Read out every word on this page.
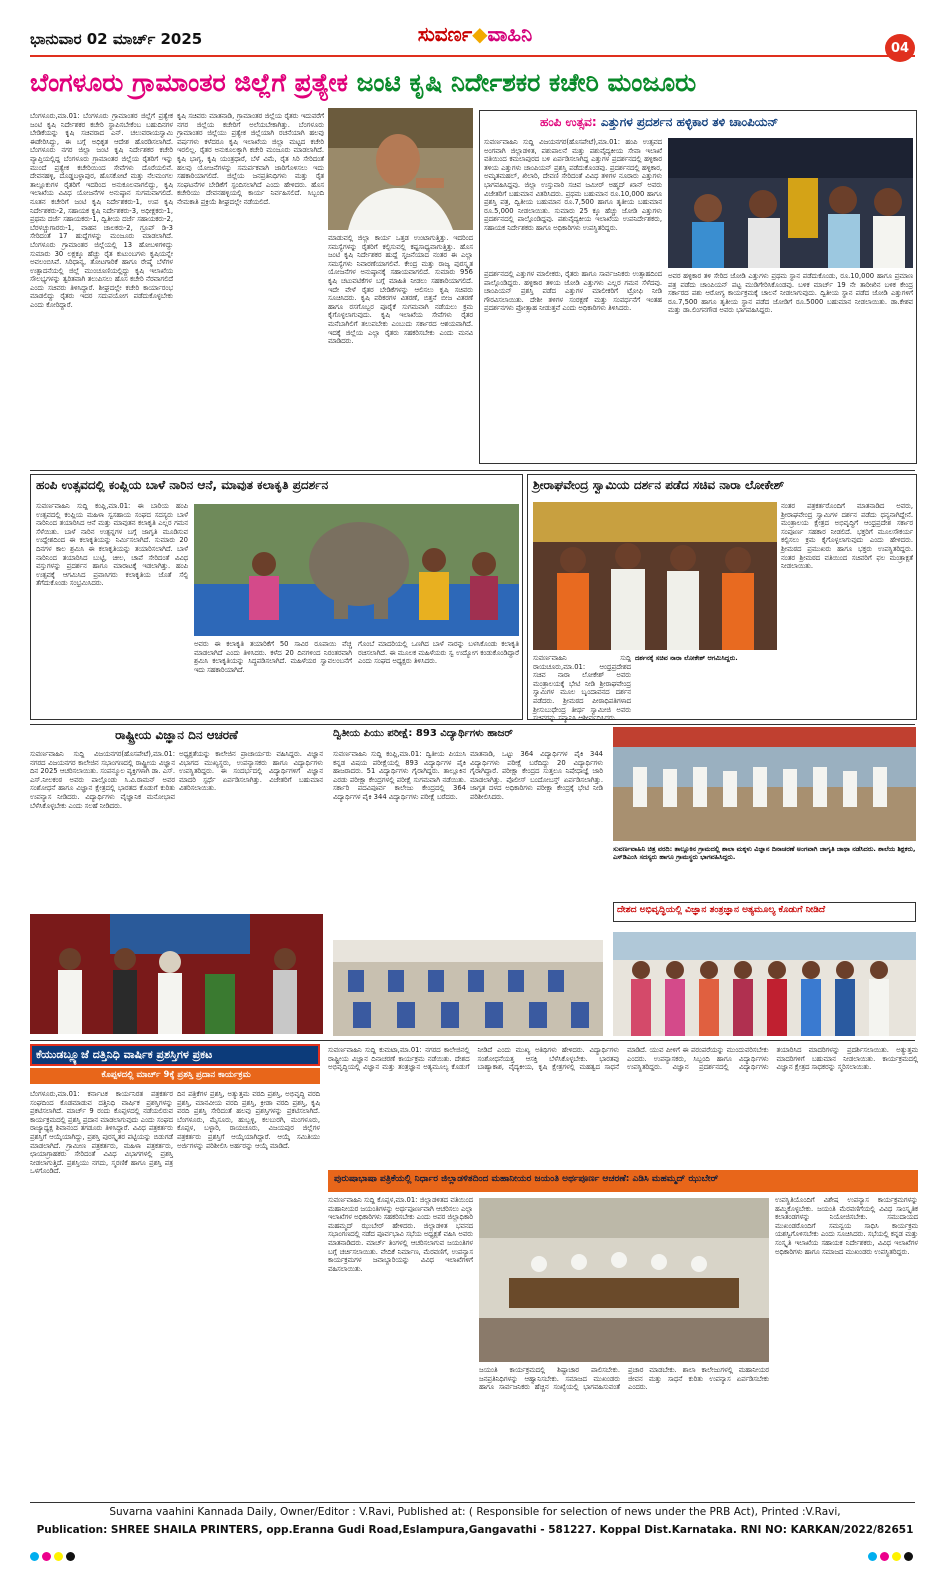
ಭಾನುವಾರ 02 ಮಾರ್ಚ್ 2025	ಸುವರ್ಣ◆ವಾಹಿನಿ
04
ಬೆಂಗಳೂರು ಗ್ರಾಮಾಂತರ ಜಿಲ್ಲೆಗೆ ಪ್ರತ್ಯೇಕ ಜಂಟಿ ಕೃಷಿ ನಿರ್ದೇಶಕರ ಕಚೇರಿ ಮಂಜೂರು

ಬೆಂಗಳೂರು,ಮಾ.01: ಬೆಂಗಳೂರು ಗ್ರಾಮಾಂತರ ಜಿಲ್ಲೆಗೆ ಪ್ರತ್ಯೇಕ ಜಂಟಿ ಕೃಷಿ ನಿರ್ದೇಶಕರ ಕಚೇರಿ ಸ್ಥಾಪಿಸಬೇಕೆಂಬ ಬಹುದಿನಗಳ ಬೇಡಿಕೆಯನ್ನು ಕೃಷಿ ಸಚಿವರಾದ ಎನ್. ಚಲುವರಾಯಸ್ವಾಮಿ ಈಡೇರಿಸಿದ್ದು, ಈ ಬಗ್ಗೆ ಅಧಿಕೃತ ಆದೇಶ ಹೊರಡಿಸಲಾಗಿದೆ. ಬೆಂಗಳೂರು ನಗರ ಜಿಲ್ಲಾ ಜಂಟಿ ಕೃಷಿ ನಿರ್ದೇಶಕರ ಕಚೇರಿ ವ್ಯಾಪ್ತಿಯಲ್ಲಿದ್ದ ಬೆಂಗಳೂರು ಗ್ರಾಮಾಂತರ ಜಿಲ್ಲೆಯ ರೈತರಿಗೆ ಇನ್ನು ಮುಂದೆ ಪ್ರತ್ಯೇಕ ಕಚೇರಿಯಿಂದ ಸೇವೆಗಳು ದೊರೆಯಲಿವೆ. ದೇವನಹಳ್ಳಿ, ದೊಡ್ಡಬಳ್ಳಾಪುರ, ಹೊಸಕೋಟೆ ಮತ್ತು ನೆಲಮಂಗಲ ತಾಲ್ಲೂಕುಗಳ ರೈತರಿಗೆ ಇದರಿಂದ ಅನುಕೂಲವಾಗಲಿದ್ದು, ಕೃಷಿ ಇಲಾಖೆಯ ವಿವಿಧ ಯೋಜನೆಗಳ ಅನುಷ್ಠಾನ ಸುಗಮವಾಗಲಿದೆ. ನೂತನ ಕಚೇರಿಗೆ ಜಂಟಿ ಕೃಷಿ ನಿರ್ದೇಶಕರು-1, ಉಪ ಕೃಷಿ ನಿರ್ದೇಶಕರು-2, ಸಹಾಯಕ ಕೃಷಿ ನಿರ್ದೇಶಕರು-3, ಅಧೀಕ್ಷಕರು-1, ಪ್ರಥಮ ದರ್ಜೆ ಸಹಾಯಕರು-1, ದ್ವಿತೀಯ ದರ್ಜೆ ಸಹಾಯಕರು-2, ಬೆರಳಚ್ಚುಗಾರರು-1, ವಾಹನ ಚಾಲಕರು-2, ಗ್ರೂಪ್ ಡಿ-3 ಸೇರಿದಂತೆ 17 ಹುದ್ದೆಗಳನ್ನು ಮಂಜೂರು ಮಾಡಲಾಗಿದೆ. ಬೆಂಗಳೂರು ಗ್ರಾಮಾಂತರ ಜಿಲ್ಲೆಯಲ್ಲಿ 13 ಹೋಬಳಿಗಳಿದ್ದು ಸುಮಾರು 30 ಲಕ್ಷಕ್ಕೂ ಹೆಚ್ಚು ರೈತ ಕುಟುಂಬಗಳು ಕೃಷಿಯನ್ನೇ ಅವಲಂಬಿಸಿವೆ. ಸಿರಿಧಾನ್ಯ, ತೋಟಗಾರಿಕೆ ಹಾಗೂ ರೇಷ್ಮೆ ಬೆಳೆಗಳ ಉತ್ಪಾದನೆಯಲ್ಲಿ ಜಿಲ್ಲೆ ಮುಂಚೂಣಿಯಲ್ಲಿದ್ದು ಕೃಷಿ ಇಲಾಖೆಯ ಸೌಲಭ್ಯಗಳನ್ನು ತ್ವರಿತವಾಗಿ ತಲುಪಿಸಲು ಹೊಸ ಕಚೇರಿ ನೆರವಾಗಲಿದೆ ಎಂದು ಸಚಿವರು ತಿಳಿಸಿದ್ದಾರೆ. ಶೀಘ್ರದಲ್ಲೇ ಕಚೇರಿ ಕಾರ್ಯಾರಂಭ ಮಾಡಲಿದ್ದು ರೈತರು ಇದರ ಸದುಪಯೋಗ ಪಡೆದುಕೊಳ್ಳಬೇಕು ಎಂದು ಕೋರಿದ್ದಾರೆ.

ಕೃಷಿ ಸಚಿವರು ಮಾತನಾಡಿ, ಗ್ರಾಮಾಂತರ ಜಿಲ್ಲೆಯ ರೈತರು ಇದುವರೆಗೆ ನಗರ ಜಿಲ್ಲೆಯ ಕಚೇರಿಗೆ ಅಲೆಯಬೇಕಾಗಿತ್ತು. ಬೆಂಗಳೂರು ಗ್ರಾಮಾಂತರ ಜಿಲ್ಲೆಯು ಪ್ರತ್ಯೇಕ ಜಿಲ್ಲೆಯಾಗಿ ರಚನೆಯಾಗಿ ಹಲವು ವರ್ಷಗಳು ಕಳೆದರೂ ಕೃಷಿ ಇಲಾಖೆಯ ಜಿಲ್ಲಾ ಮಟ್ಟದ ಕಚೇರಿ ಇರಲಿಲ್ಲ. ರೈತರ ಅನುಕೂಲಕ್ಕಾಗಿ ಕಚೇರಿ ಮಂಜೂರು ಮಾಡಲಾಗಿದೆ. ಕೃಷಿ ಭಾಗ್ಯ, ಕೃಷಿ ಯಂತ್ರಧಾರೆ, ಬೆಳೆ ವಿಮೆ, ರೈತ ಸಿರಿ ಸೇರಿದಂತೆ ಹಲವು ಯೋಜನೆಗಳನ್ನು ಸಮರ್ಪಕವಾಗಿ ಜಾರಿಗೊಳಿಸಲು ಇದು ಸಹಕಾರಿಯಾಗಲಿದೆ. ಜಿಲ್ಲೆಯ ಜನಪ್ರತಿನಿಧಿಗಳು ಮತ್ತು ರೈತ ಸಂಘಟನೆಗಳ ಬೇಡಿಕೆಗೆ ಸ್ಪಂದಿಸಲಾಗಿದೆ ಎಂದು ಹೇಳಿದರು. ಹೊಸ ಕಚೇರಿಯು ದೇವನಹಳ್ಳಿಯಲ್ಲಿ ಕಾರ್ಯ ನಿರ್ವಹಿಸಲಿದೆ. ಸಿಬ್ಬಂದಿ ನೇಮಕಾತಿ ಪ್ರಕ್ರಿಯೆ ಶೀಘ್ರದಲ್ಲೇ ನಡೆಯಲಿದೆ.

ಮಾಡುವಲ್ಲಿ ಜಿಲ್ಲಾ ಕಾರ್ಯ ಒತ್ತಡ ಉಂಟಾಗುತ್ತಿತ್ತು. ಇದರಿಂದ ಸಮಸ್ಯೆಗಳನ್ನು ರೈತರಿಗೆ ಕಲ್ಪಿಸುವಲ್ಲಿ ಕಷ್ಟಸಾಧ್ಯವಾಗುತ್ತಿತ್ತು. ಹೊಸ ಜಂಟಿ ಕೃಷಿ ನಿರ್ದೇಶಕರ ಹುದ್ದೆ ಸೃಜನೆಯಾದ ನಂತರ ಈ ಎಲ್ಲಾ ಸಮಸ್ಯೆಗಳು ನಿವಾರಣೆಯಾಗಲಿವೆ. ಕೇಂದ್ರ ಮತ್ತು ರಾಜ್ಯ ಪುರಸ್ಕೃತ ಯೋಜನೆಗಳ ಅನುಷ್ಠಾನಕ್ಕೆ ಸಹಾಯವಾಗಲಿದೆ. ಸುಮಾರು 956 ಕೃಷಿ ಚಟುವಟಿಕೆಗಳ ಬಗ್ಗೆ ಮಾಹಿತಿ ನೀಡಲು ಸಹಕಾರಿಯಾಗಲಿದೆ. ಇದೇ ವೇಳೆ ರೈತರ ಬೇಡಿಕೆಗಳನ್ನು ಆಲಿಸಲು ಕೃಷಿ ಸಚಿವರು ಸೂಚಿಸಿದರು. ಕೃಷಿ ಪರಿಕರಗಳ ವಿತರಣೆ, ಬಿತ್ತನೆ ಬೀಜ ವಿತರಣೆ ಹಾಗೂ ರಸಗೊಬ್ಬರ ಪೂರೈಕೆ ಸುಗಮವಾಗಿ ನಡೆಯಲು ಕ್ರಮ ಕೈಗೊಳ್ಳಲಾಗುವುದು. ಕೃಷಿ ಇಲಾಖೆಯ ಸೇವೆಗಳು ರೈತರ ಮನೆಬಾಗಿಲಿಗೆ ತಲುಪಬೇಕು ಎಂಬುದು ಸರ್ಕಾರದ ಆಶಯವಾಗಿದೆ. ಇದಕ್ಕೆ ಜಿಲ್ಲೆಯ ಎಲ್ಲಾ ರೈತರು ಸಹಕರಿಸಬೇಕು ಎಂದು ಮನವಿ ಮಾಡಿದರು.

ಹಂಪಿ ಉತ್ಸವ: ಎತ್ತುಗಳ ಪ್ರದರ್ಶನ ಹಳ್ಳಿಕಾರ ತಳಿ ಚಾಂಪಿಯನ್

ಸುವರ್ಣವಾಹಿನಿ ಸುದ್ದಿ ವಿಜಯನಗರ(ಹೊಸಪೇಟೆ),ಮಾ.01: ಹಂಪಿ ಉತ್ಸವದ ಅಂಗವಾಗಿ ಜಿಲ್ಲಾಡಳಿತ, ಪಶುಪಾಲನೆ ಮತ್ತು ಪಶುವೈದ್ಯಕೀಯ ಸೇವಾ ಇಲಾಖೆ ವತಿಯಿಂದ ಕಮಲಾಪುರದ ಬಳಿ ಏರ್ಪಡಿಸಲಾಗಿದ್ದ ಎತ್ತುಗಳ ಪ್ರದರ್ಶನದಲ್ಲಿ ಹಳ್ಳಿಕಾರ ತಳಿಯ ಎತ್ತುಗಳು ಚಾಂಪಿಯನ್ ಪ್ರಶಸ್ತಿ ಪಡೆದುಕೊಂಡವು. ಪ್ರದರ್ಶನದಲ್ಲಿ ಹಳ್ಳಿಕಾರ, ಅಮೃತಮಹಲ್, ಖಿಲಾರಿ, ದೇವಣಿ ಸೇರಿದಂತೆ ವಿವಿಧ ತಳಿಗಳ ನೂರಾರು ಎತ್ತುಗಳು ಭಾಗವಹಿಸಿದ್ದವು. ಜಿಲ್ಲಾ ಉಸ್ತುವಾರಿ ಸಚಿವ ಜಮೀರ್ ಅಹ್ಮದ್ ಖಾನ್ ಅವರು ವಿಜೇತರಿಗೆ ಬಹುಮಾನ ವಿತರಿಸಿದರು. ಪ್ರಥಮ ಬಹುಮಾನ ರೂ.10,000 ಹಾಗೂ ಪ್ರಶಸ್ತಿ ಪತ್ರ, ದ್ವಿತೀಯ ಬಹುಮಾನ ರೂ.7,500 ಹಾಗೂ ತೃತೀಯ ಬಹುಮಾನ ರೂ.5,000 ನೀಡಲಾಯಿತು. ಸುಮಾರು 25 ಕ್ಕೂ ಹೆಚ್ಚು ಜೋಡಿ ಎತ್ತುಗಳು ಪ್ರದರ್ಶನದಲ್ಲಿ ಪಾಲ್ಗೊಂಡಿದ್ದವು. ಪಶುವೈದ್ಯಕೀಯ ಇಲಾಖೆಯ ಉಪನಿರ್ದೇಶಕರು, ಸಹಾಯಕ ನಿರ್ದೇಶಕರು ಹಾಗೂ ಅಧಿಕಾರಿಗಳು ಉಪಸ್ಥಿತರಿದ್ದರು.

ಪ್ರದರ್ಶನದಲ್ಲಿ ಎತ್ತುಗಳ ಮಾಲೀಕರು, ರೈತರು ಹಾಗೂ ಸಾರ್ವಜನಿಕರು ಉತ್ಸಾಹದಿಂದ ಪಾಲ್ಗೊಂಡಿದ್ದರು. ಹಳ್ಳಿಕಾರ ತಳಿಯ ಜೋಡಿ ಎತ್ತುಗಳು ಎಲ್ಲರ ಗಮನ ಸೆಳೆದವು. ಚಾಂಪಿಯನ್ ಪ್ರಶಸ್ತಿ ಪಡೆದ ಎತ್ತುಗಳ ಮಾಲೀಕರಿಗೆ ಟ್ರೋಫಿ ನೀಡಿ ಗೌರವಿಸಲಾಯಿತು. ದೇಶೀ ತಳಿಗಳ ಸಂರಕ್ಷಣೆ ಮತ್ತು ಸಂವರ್ಧನೆಗೆ ಇಂತಹ ಪ್ರದರ್ಶನಗಳು ಪ್ರೋತ್ಸಾಹ ನೀಡುತ್ತವೆ ಎಂದು ಅಧಿಕಾರಿಗಳು ತಿಳಿಸಿದರು.

ಅವರ ಹಳ್ಳಿಕಾರ ತಳಿ ಸೇರಿದ ಜೋಡಿ ಎತ್ತುಗಳು ಪ್ರಥಮ ಸ್ಥಾನ ಪಡೆದುಕೊಂಡು, ರೂ.10,000 ಹಾಗೂ ಪ್ರಮಾಣ ಪತ್ರ ಪಡೆದು ಚಾಂಪಿಯನ್ ಪಟ್ಟ ಮುಡಿಗೇರಿಸಿಕೊಂಡವು. ಬಳಿಕ ಮಾರ್ಚ್ 19 ನೇ ತಾರೀಖಿನ ಬಳಿಕ ಕೇಂದ್ರ ಸರ್ಕಾರದ ಪಶು ಆರೋಗ್ಯ ಕಾರ್ಯಕ್ರಮಕ್ಕೆ ಚಾಲನೆ ನೀಡಲಾಗುವುದು. ದ್ವಿತೀಯ ಸ್ಥಾನ ಪಡೆದ ಜೋಡಿ ಎತ್ತುಗಳಿಗೆ ರೂ.7,500 ಹಾಗೂ ತೃತೀಯ ಸ್ಥಾನ ಪಡೆದ ಜೋಡಿಗೆ ರೂ.5000 ಬಹುಮಾನ ನೀಡಲಾಯಿತು. ಡಾ.ಕೇಶವ ಮತ್ತು ಡಾ.ಲಿಂಗನಗೌಡ ಅವರು ಭಾಗವಹಿಸಿದ್ದರು.

ಹಂಪಿ ಉತ್ಸವದಲ್ಲಿ ಕಂಪ್ಲಿಯ ಬಾಳೆ ನಾರಿನ ಆನೆ, ಮಾವುತ ಕಲಾಕೃತಿ ಪ್ರದರ್ಶನ

ಸುವರ್ಣವಾಹಿನಿ ಸುದ್ದಿ ಕಂಪ್ಲಿ,ಮಾ.01: ಈ ಬಾರಿಯ ಹಂಪಿ ಉತ್ಸವದಲ್ಲಿ ಕಂಪ್ಲಿಯ ಮಹಿಳಾ ಸ್ವಸಹಾಯ ಸಂಘದ ಸದಸ್ಯರು ಬಾಳೆ ನಾರಿನಿಂದ ತಯಾರಿಸಿದ ಆನೆ ಮತ್ತು ಮಾವುತನ ಕಲಾಕೃತಿ ಎಲ್ಲರ ಗಮನ ಸೆಳೆಯಿತು. ಬಾಳೆ ನಾರಿನ ಉತ್ಪನ್ನಗಳ ಬಗ್ಗೆ ಜಾಗೃತಿ ಮೂಡಿಸುವ ಉದ್ದೇಶದಿಂದ ಈ ಕಲಾಕೃತಿಯನ್ನು ನಿರ್ಮಿಸಲಾಗಿದೆ. ಸುಮಾರು 20 ದಿನಗಳ ಕಾಲ ಶ್ರಮಿಸಿ ಈ ಕಲಾಕೃತಿಯನ್ನು ತಯಾರಿಸಲಾಗಿದೆ. ಬಾಳೆ ನಾರಿನಿಂದ ತಯಾರಿಸಿದ ಬುಟ್ಟಿ, ಚೀಲ, ಚಾಪೆ ಸೇರಿದಂತೆ ವಿವಿಧ ವಸ್ತುಗಳನ್ನು ಪ್ರದರ್ಶನ ಹಾಗೂ ಮಾರಾಟಕ್ಕೆ ಇಡಲಾಗಿತ್ತು. ಹಂಪಿ ಉತ್ಸವಕ್ಕೆ ಆಗಮಿಸಿದ ಪ್ರವಾಸಿಗರು ಕಲಾಕೃತಿಯ ಜೊತೆ ಸೆಲ್ಫಿ ತೆಗೆದುಕೊಂಡು ಸಂಭ್ರಮಿಸಿದರು.

ಅವರು ಈ ಕಲಾಕೃತಿ ತಯಾರಿಕೆಗೆ 50 ಸಾವಿರ ರೂಪಾಯಿ ವೆಚ್ಚ ಮಾಡಲಾಗಿದೆ ಎಂದು ತಿಳಿಸಿದರು. ಕಳೆದ 20 ದಿನಗಳಿಂದ ನಿರಂತರವಾಗಿ ಶ್ರಮಿಸಿ ಕಲಾಕೃತಿಯನ್ನು ಸಿದ್ಧಪಡಿಸಲಾಗಿದೆ. ಮಹಿಳೆಯರ ಸ್ವಾವಲಂಬನೆಗೆ ಇದು ಸಹಕಾರಿಯಾಗಿದೆ.

ಗೊಂಬೆ ಮಾದರಿಯಲ್ಲಿ ಒಣಗಿದ ಬಾಳೆ ನಾರನ್ನು ಬಳಸಿಕೊಂಡು ಕಲಾಕೃತಿ ರಚಿಸಲಾಗಿದೆ. ಈ ಮೂಲಕ ಮಹಿಳೆಯರು ಸ್ವ ಉದ್ಯೋಗ ಕಂಡುಕೊಂಡಿದ್ದಾರೆ ಎಂದು ಸಂಘದ ಅಧ್ಯಕ್ಷರು ತಿಳಿಸಿದರು.

ಶ್ರೀರಾಘವೇಂದ್ರ ಸ್ವಾಮಿಯ ದರ್ಶನ ಪಡೆದ ಸಚಿವ ನಾರಾ ಲೋಕೇಶ್

ಸುವರ್ಣವಾಹಿನಿ ಸುದ್ದಿ ರಾಯಚೂರು,ಮಾ.01: ಆಂಧ್ರಪ್ರದೇಶದ ಸಚಿವ ನಾರಾ ಲೋಕೇಶ್ ಅವರು ಮಂತ್ರಾಲಯಕ್ಕೆ ಭೇಟಿ ನೀಡಿ ಶ್ರೀರಾಘವೇಂದ್ರ ಸ್ವಾಮಿಗಳ ಮೂಲ ಬೃಂದಾವನದ ದರ್ಶನ ಪಡೆದರು. ಶ್ರೀಮಠದ ಪೀಠಾಧಿಪತಿಗಳಾದ ಶ್ರೀಸುಬುಧೇಂದ್ರ ತೀರ್ಥ ಸ್ವಾಮೀಜಿ ಅವರು ಸಚಿವರನ್ನು ಸನ್ಮಾನಿಸಿ ಆಶೀರ್ವದಿಸಿದರು.

ದರ್ಶನಕ್ಕೆ ಸಚಿವ ನಾರಾ ಲೋಕೇಶ್ ಆಗಮಿಸಿದ್ದರು.

ನಂತರ ಪತ್ರಕರ್ತರೊಂದಿಗೆ ಮಾತನಾಡಿದ ಅವರು, ಶ್ರೀರಾಘವೇಂದ್ರ ಸ್ವಾಮಿಗಳ ದರ್ಶನ ಪಡೆದು ಧನ್ಯನಾಗಿದ್ದೇನೆ. ಮಂತ್ರಾಲಯ ಕ್ಷೇತ್ರದ ಅಭಿವೃದ್ಧಿಗೆ ಆಂಧ್ರಪ್ರದೇಶ ಸರ್ಕಾರ ಸಂಪೂರ್ಣ ಸಹಕಾರ ನೀಡಲಿದೆ. ಭಕ್ತರಿಗೆ ಮೂಲಸೌಕರ್ಯ ಕಲ್ಪಿಸಲು ಕ್ರಮ ಕೈಗೊಳ್ಳಲಾಗುವುದು ಎಂದು ಹೇಳಿದರು. ಶ್ರೀಮಠದ ಪ್ರಮುಖರು ಹಾಗೂ ಭಕ್ತರು ಉಪಸ್ಥಿತರಿದ್ದರು. ನಂತರ ಶ್ರೀಮಠದ ವತಿಯಿಂದ ಸಚಿವರಿಗೆ ಫಲ ಮಂತ್ರಾಕ್ಷತೆ ನೀಡಲಾಯಿತು.

ರಾಷ್ಟ್ರೀಯ ವಿಜ್ಞಾನ ದಿನ ಆಚರಣೆ

ಸುವರ್ಣವಾಹಿನಿ ಸುದ್ದಿ ವಿಜಯನಗರ(ಹೊಸಪೇಟೆ),ಮಾ.01: ನಗರದ ವಿಜಯನಗರ ಕಾಲೇಜಿನ ಸಭಾಂಗಣದಲ್ಲಿ ರಾಷ್ಟ್ರೀಯ ವಿಜ್ಞಾನ ದಿನ 2025 ಆಚರಿಸಲಾಯಿತು. ಸಂಪನ್ಮೂಲ ವ್ಯಕ್ತಿಗಳಾಗಿ ಡಾ. ಎಸ್. ಎಸ್.ನೀಲಕಂಠ ಅವರು ಪಾಲ್ಗೊಂಡು ಸಿ.ವಿ.ರಾಮನ್ ಅವರ ಸಂಶೋಧನೆ ಹಾಗೂ ವಿಜ್ಞಾನ ಕ್ಷೇತ್ರದಲ್ಲಿ ಭಾರತದ ಕೊಡುಗೆ ಕುರಿತು ಉಪನ್ಯಾಸ ನೀಡಿದರು. ವಿದ್ಯಾರ್ಥಿಗಳು ವೈಜ್ಞಾನಿಕ ಮನೋಭಾವ ಬೆಳೆಸಿಕೊಳ್ಳಬೇಕು ಎಂದು ಸಲಹೆ ನೀಡಿದರು.

ಅಧ್ಯಕ್ಷತೆಯನ್ನು ಕಾಲೇಜಿನ ಪ್ರಾಚಾರ್ಯರು ವಹಿಸಿದ್ದರು. ವಿಜ್ಞಾನ ವಿಭಾಗದ ಮುಖ್ಯಸ್ಥರು, ಉಪನ್ಯಾಸಕರು ಹಾಗೂ ವಿದ್ಯಾರ್ಥಿಗಳು ಉಪಸ್ಥಿತರಿದ್ದರು. ಈ ಸಂದರ್ಭದಲ್ಲಿ ವಿದ್ಯಾರ್ಥಿಗಳಿಗೆ ವಿಜ್ಞಾನ ಮಾದರಿ ಸ್ಪರ್ಧೆ ಏರ್ಪಡಿಸಲಾಗಿತ್ತು. ವಿಜೇತರಿಗೆ ಬಹುಮಾನ ವಿತರಿಸಲಾಯಿತು.

ದ್ವಿತೀಯ ಪಿಯು ಪರೀಕ್ಷೆ: 893 ವಿದ್ಯಾರ್ಥಿಗಳು ಹಾಜರ್

ಸುವರ್ಣವಾಹಿನಿ ಸುದ್ದಿ ಕಂಪ್ಲಿ,ಮಾ.01: ದ್ವಿತೀಯ ಪಿಯುಸಿ ಕನ್ನಡ ವಿಷಯ ಪರೀಕ್ಷೆಯಲ್ಲಿ 893 ವಿದ್ಯಾರ್ಥಿಗಳ ಪೈಕಿ ಹಾಜರಾದರು. 51 ವಿದ್ಯಾರ್ಥಿಗಳು ಗೈರಾಗಿದ್ದರು. ತಾಲ್ಲೂಕಿನ ಎರಡು ಪರೀಕ್ಷಾ ಕೇಂದ್ರಗಳಲ್ಲಿ ಪರೀಕ್ಷೆ ಸುಗಮವಾಗಿ ನಡೆಯಿತು. ಸರ್ಕಾರಿ ಪದವಿಪೂರ್ವ ಕಾಲೇಜು ಕೇಂದ್ರದಲ್ಲಿ 364 ವಿದ್ಯಾರ್ಥಿಗಳ ಪೈಕಿ 344 ವಿದ್ಯಾರ್ಥಿಗಳು ಪರೀಕ್ಷೆ ಬರೆದರು.

ಮಾತನಾಡಿ, ಒಟ್ಟು 364 ವಿದ್ಯಾರ್ಥಿಗಳ ಪೈಕಿ 344 ವಿದ್ಯಾರ್ಥಿಗಳು ಪರೀಕ್ಷೆ ಬರೆದಿದ್ದು 20 ವಿದ್ಯಾರ್ಥಿಗಳು ಗೈರಾಗಿದ್ದಾರೆ. ಪರೀಕ್ಷಾ ಕೇಂದ್ರದ ಸುತ್ತಲೂ ನಿಷೇಧಾಜ್ಞೆ ಜಾರಿ ಮಾಡಲಾಗಿತ್ತು. ಪೊಲೀಸ್ ಬಂದೋಬಸ್ತ್ ಏರ್ಪಡಿಸಲಾಗಿತ್ತು. ಜಾಗೃತ ದಳದ ಅಧಿಕಾರಿಗಳು ಪರೀಕ್ಷಾ ಕೇಂದ್ರಕ್ಕೆ ಭೇಟಿ ನೀಡಿ ಪರಿಶೀಲಿಸಿದರು.

ಸುವರ್ಣವಾಹಿನಿ ಚಿತ್ರ ವರದಿ: ತಾಲ್ಲೂಕಿನ ಗ್ರಾಮದಲ್ಲಿ ಶಾಲಾ ಮಕ್ಕಳು ವಿಜ್ಞಾನ ದಿನಾಚರಣೆ ಅಂಗವಾಗಿ ಜಾಗೃತಿ ಜಾಥಾ ನಡೆಸಿದರು. ಶಾಲೆಯ ಶಿಕ್ಷಕರು, ಎಸ್‌ಡಿಎಂಸಿ ಸದಸ್ಯರು ಹಾಗೂ ಗ್ರಾಮಸ್ಥರು ಭಾಗವಹಿಸಿದ್ದರು.
ದೇಶದ ಅಭಿವೃದ್ಧಿಯಲ್ಲಿ ವಿಜ್ಞಾನ ತಂತ್ರಜ್ಞಾನ ಅತ್ಯಮೂಲ್ಯ ಕೊಡುಗೆ ನೀಡಿದೆ
ಕೆಯುಡಬ್ಲ್ಯೂಜೆ ದತ್ತಿನಿಧಿ ವಾರ್ಷಿಕ ಪ್ರಶಸ್ತಿಗಳ ಪ್ರಕಟ
ಕೊಪ್ಪಳದಲ್ಲಿ ಮಾರ್ಚ್ 9ಕ್ಕೆ ಪ್ರಶಸ್ತಿ ಪ್ರದಾನ ಕಾರ್ಯಕ್ರಮ

ಬೆಂಗಳೂರು,ಮಾ.01: ಕರ್ನಾಟಕ ಕಾರ್ಯನಿರತ ಪತ್ರಕರ್ತರ ಸಂಘದಿಂದ ಕೊಡಮಾಡುವ ದತ್ತಿನಿಧಿ ವಾರ್ಷಿಕ ಪ್ರಶಸ್ತಿಗಳನ್ನು ಪ್ರಕಟಿಸಲಾಗಿದೆ. ಮಾರ್ಚ್ 9 ರಂದು ಕೊಪ್ಪಳದಲ್ಲಿ ನಡೆಯಲಿರುವ ಕಾರ್ಯಕ್ರಮದಲ್ಲಿ ಪ್ರಶಸ್ತಿ ಪ್ರದಾನ ಮಾಡಲಾಗುವುದು ಎಂದು ಸಂಘದ ರಾಜ್ಯಾಧ್ಯಕ್ಷ ಶಿವಾನಂದ ತಗಡೂರು ತಿಳಿಸಿದ್ದಾರೆ. ವಿವಿಧ ಪತ್ರಕರ್ತರು ಪ್ರಶಸ್ತಿಗೆ ಆಯ್ಕೆಯಾಗಿದ್ದು, ಪ್ರಶಸ್ತಿ ಪುರಸ್ಕೃತರ ಪಟ್ಟಿಯನ್ನು ಬಿಡುಗಡೆ ಮಾಡಲಾಗಿದೆ. ಗ್ರಾಮೀಣ ಪತ್ರಕರ್ತರು, ಮಹಿಳಾ ಪತ್ರಕರ್ತರು, ಛಾಯಾಗ್ರಾಹಕರು ಸೇರಿದಂತೆ ವಿವಿಧ ವಿಭಾಗಗಳಲ್ಲಿ ಪ್ರಶಸ್ತಿ ನೀಡಲಾಗುತ್ತಿದೆ. ಪ್ರಶಸ್ತಿಯು ನಗದು, ಸ್ಮರಣಿಕೆ ಹಾಗೂ ಪ್ರಶಸ್ತಿ ಪತ್ರ ಒಳಗೊಂಡಿದೆ.

ದಿನ ಪತ್ರಿಕೆಗಳ ಪ್ರಶಸ್ತಿ, ಅತ್ಯುತ್ತಮ ವರದಿ ಪ್ರಶಸ್ತಿ, ಅಭಿವೃದ್ಧಿ ವರದಿ ಪ್ರಶಸ್ತಿ, ಮಾನವೀಯ ವರದಿ ಪ್ರಶಸ್ತಿ, ಕ್ರೀಡಾ ವರದಿ ಪ್ರಶಸ್ತಿ, ಕೃಷಿ ವರದಿ ಪ್ರಶಸ್ತಿ ಸೇರಿದಂತೆ ಹಲವು ಪ್ರಶಸ್ತಿಗಳನ್ನು ಪ್ರಕಟಿಸಲಾಗಿದೆ. ಬೆಂಗಳೂರು, ಮೈಸೂರು, ಹುಬ್ಬಳ್ಳಿ, ಕಲಬುರಗಿ, ಮಂಗಳೂರು, ಕೊಪ್ಪಳ, ಬಳ್ಳಾರಿ, ರಾಯಚೂರು, ವಿಜಯಪುರ ಜಿಲ್ಲೆಗಳ ಪತ್ರಕರ್ತರು ಪ್ರಶಸ್ತಿಗೆ ಆಯ್ಕೆಯಾಗಿದ್ದಾರೆ. ಆಯ್ಕೆ ಸಮಿತಿಯು ಅರ್ಜಿಗಳನ್ನು ಪರಿಶೀಲಿಸಿ ಅರ್ಹರನ್ನು ಆಯ್ಕೆ ಮಾಡಿದೆ.

ಸುವರ್ಣವಾಹಿನಿ ಸುದ್ದಿ ಕುಮಟಾ,ಮಾ.01: ನಗರದ ಕಾಲೇಜಿನಲ್ಲಿ ರಾಷ್ಟ್ರೀಯ ವಿಜ್ಞಾನ ದಿನಾಚರಣೆ ಕಾರ್ಯಕ್ರಮ ನಡೆಯಿತು. ದೇಶದ ಅಭಿವೃದ್ಧಿಯಲ್ಲಿ ವಿಜ್ಞಾನ ಮತ್ತು ತಂತ್ರಜ್ಞಾನ ಅತ್ಯಮೂಲ್ಯ ಕೊಡುಗೆ ನೀಡಿದೆ ಎಂದು ಮುಖ್ಯ ಅತಿಥಿಗಳು ಹೇಳಿದರು. ವಿದ್ಯಾರ್ಥಿಗಳು ಸಂಶೋಧನೆಯತ್ತ ಆಸಕ್ತಿ ಬೆಳೆಸಿಕೊಳ್ಳಬೇಕು. ಭಾರತವು ಬಾಹ್ಯಾಕಾಶ, ವೈದ್ಯಕೀಯ, ಕೃಷಿ ಕ್ಷೇತ್ರಗಳಲ್ಲಿ ಮಹತ್ವದ ಸಾಧನೆ ಮಾಡಿದೆ. ಯುವ ಪೀಳಿಗೆ ಈ ಪರಂಪರೆಯನ್ನು ಮುಂದುವರಿಸಬೇಕು ಎಂದರು. ಉಪನ್ಯಾಸಕರು, ಸಿಬ್ಬಂದಿ ಹಾಗೂ ವಿದ್ಯಾರ್ಥಿಗಳು ಉಪಸ್ಥಿತರಿದ್ದರು. ವಿಜ್ಞಾನ ಪ್ರದರ್ಶನದಲ್ಲಿ ವಿದ್ಯಾರ್ಥಿಗಳು ತಯಾರಿಸಿದ ಮಾದರಿಗಳನ್ನು ಪ್ರದರ್ಶಿಸಲಾಯಿತು. ಅತ್ಯುತ್ತಮ ಮಾದರಿಗಳಿಗೆ ಬಹುಮಾನ ನೀಡಲಾಯಿತು. ಕಾರ್ಯಕ್ರಮದಲ್ಲಿ ವಿಜ್ಞಾನ ಕ್ಷೇತ್ರದ ಸಾಧಕರನ್ನು ಸ್ಮರಿಸಲಾಯಿತು.

ಪುರುಷಾಭಾಷಾ ಪತ್ರಿಕೆಯಲ್ಲಿ ನಿರ್ಧಾರ ಜಿಲ್ಲಾಡಳಿತದಿಂದ ಮಹಾನೀಯರ ಜಯಂತಿ ಅರ್ಥಪೂರ್ಣ ಆಚರಣೆ: ಎಡಿಸಿ ಮಹಮ್ಮದ್ ಝುಬೇರ್

ಸುವರ್ಣವಾಹಿನಿ ಸುದ್ದಿ ಕೊಪ್ಪಳ,ಮಾ.01: ಜಿಲ್ಲಾಡಳಿತದ ವತಿಯಿಂದ ಮಹಾನೀಯರ ಜಯಂತಿಗಳನ್ನು ಅರ್ಥಪೂರ್ಣವಾಗಿ ಆಚರಿಸಲು ಎಲ್ಲಾ ಇಲಾಖೆಗಳ ಅಧಿಕಾರಿಗಳು ಸಹಕರಿಸಬೇಕು ಎಂದು ಅಪರ ಜಿಲ್ಲಾಧಿಕಾರಿ ಮಹಮ್ಮದ್ ಝುಬೇರ್ ಹೇಳಿದರು. ಜಿಲ್ಲಾಡಳಿತ ಭವನದ ಸಭಾಂಗಣದಲ್ಲಿ ನಡೆದ ಪೂರ್ವಭಾವಿ ಸಭೆಯ ಅಧ್ಯಕ್ಷತೆ ವಹಿಸಿ ಅವರು ಮಾತನಾಡಿದರು. ಮಾರ್ಚ್ ತಿಂಗಳಲ್ಲಿ ಆಚರಿಸಲಾಗುವ ಜಯಂತಿಗಳ ಬಗ್ಗೆ ಚರ್ಚಿಸಲಾಯಿತು. ವೇದಿಕೆ ನಿರ್ಮಾಣ, ಮೆರವಣಿಗೆ, ಉಪನ್ಯಾಸ ಕಾರ್ಯಕ್ರಮಗಳ ಜವಾಬ್ದಾರಿಯನ್ನು ವಿವಿಧ ಇಲಾಖೆಗಳಿಗೆ ವಹಿಸಲಾಯಿತು.

ಜಯಂತಿ ಕಾರ್ಯಕ್ರಮದಲ್ಲಿ ಶಿಷ್ಟಾಚಾರ ಪಾಲಿಸಬೇಕು. ಜನಪ್ರತಿನಿಧಿಗಳನ್ನು ಆಹ್ವಾನಿಸಬೇಕು. ಸಮಾಜದ ಮುಖಂಡರು ಹಾಗೂ ಸಾರ್ವಜನಿಕರು ಹೆಚ್ಚಿನ ಸಂಖ್ಯೆಯಲ್ಲಿ ಭಾಗವಹಿಸುವಂತೆ ಪ್ರಚಾರ ಮಾಡಬೇಕು. ಶಾಲಾ ಕಾಲೇಜುಗಳಲ್ಲಿ ಮಹಾನೀಯರ ಜೀವನ ಮತ್ತು ಸಾಧನೆ ಕುರಿತು ಉಪನ್ಯಾಸ ಏರ್ಪಡಿಸಬೇಕು ಎಂದರು.

ಉಪಸ್ಥಿತಿಯೊಂದಿಗೆ ವಿಶೇಷ ಉಪನ್ಯಾಸ ಕಾರ್ಯಕ್ರಮಗಳನ್ನು ಹಮ್ಮಿಕೊಳ್ಳಬೇಕು. ಜಯಂತಿ ಮೆರವಣಿಗೆಯಲ್ಲಿ ವಿವಿಧ ಸಾಂಸ್ಕೃತಿಕ ಕಲಾತಂಡಗಳನ್ನು ನಿಯೋಜಿಸಬೇಕು. ಸಮುದಾಯದ ಮುಖಂಡರೊಂದಿಗೆ ಸಮನ್ವಯ ಸಾಧಿಸಿ ಕಾರ್ಯಕ್ರಮ ಯಶಸ್ವಿಗೊಳಿಸಬೇಕು ಎಂದು ಸೂಚಿಸಿದರು. ಸಭೆಯಲ್ಲಿ ಕನ್ನಡ ಮತ್ತು ಸಂಸ್ಕೃತಿ ಇಲಾಖೆಯ ಸಹಾಯಕ ನಿರ್ದೇಶಕರು, ವಿವಿಧ ಇಲಾಖೆಗಳ ಅಧಿಕಾರಿಗಳು ಹಾಗೂ ಸಮಾಜದ ಮುಖಂಡರು ಉಪಸ್ಥಿತರಿದ್ದರು.

Suvarna vaahini Kannada Daily, Owner/Editor : V.Ravi, Published at: ( Responsible for selection of news under the PRB Act), Printed :V.Ravi,
Publication: SHREE SHAILA PRINTERS, opp.Eranna Gudi Road,Eslampura,Gangavathi - 581227. Koppal Dist.Karnataka. RNI NO: KARKAN/2022/82651
